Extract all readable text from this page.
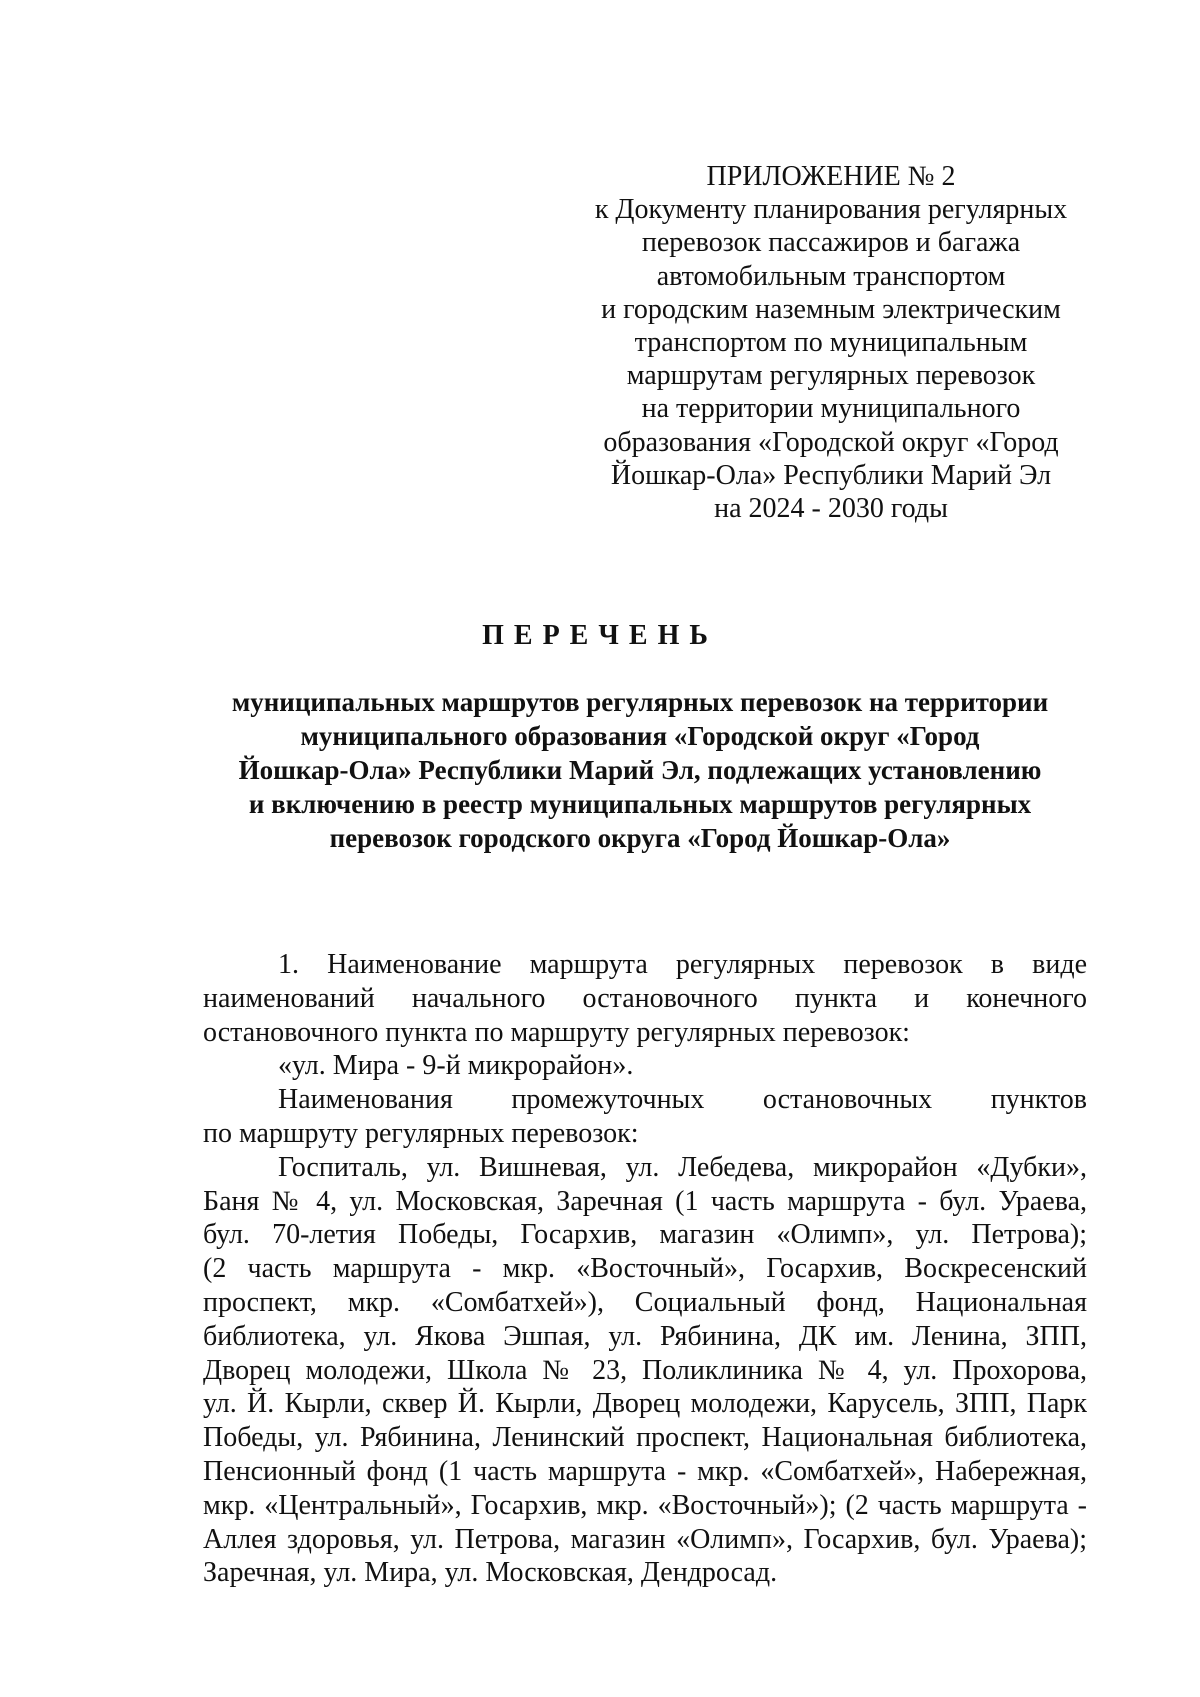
ПРИЛОЖЕНИЕ № 2
к Документу планирования регулярных
перевозок пассажиров и багажа
автомобильным транспортом
и городским наземным электрическим
транспортом по муниципальным
маршрутам регулярных перевозок
на территории муниципального
образования «Городской округ «Город
Йошкар-Ола» Республики Марий Эл
на 2024 - 2030 годы
ПЕРЕЧЕНЬ
муниципальных маршрутов регулярных перевозок на территории
муниципального образования «Городской округ «Город
Йошкар-Ола» Республики Марий Эл, подлежащих установлению
и включению в реестр муниципальных маршрутов регулярных
перевозок городского округа «Город Йошкар-Ола»
1. Наименование маршрута регулярных перевозок в виде
наименований начального остановочного пункта и конечного
остановочного пункта по маршруту регулярных перевозок:
«ул. Мира - 9-й микрорайон».
Наименования промежуточных остановочных пунктов
по маршруту регулярных перевозок:
Госпиталь, ул. Вишневая, ул. Лебедева, микрорайон «Дубки»,
Баня № 4, ул. Московская, Заречная (1 часть маршрута - бул. Ураева,
бул. 70-летия Победы, Госархив, магазин «Олимп», ул. Петрова);
(2 часть маршрута - мкр. «Восточный», Госархив, Воскресенский
проспект, мкр. «Сомбатхей»), Социальный фонд, Национальная
библиотека, ул. Якова Эшпая, ул. Рябинина, ДК им. Ленина, ЗПП,
Дворец молодежи, Школа № 23, Поликлиника № 4, ул. Прохорова,
ул. Й. Кырли, сквер Й. Кырли, Дворец молодежи, Карусель, ЗПП, Парк
Победы, ул. Рябинина, Ленинский проспект, Национальная библиотека,
Пенсионный фонд (1 часть маршрута - мкр. «Сомбатхей», Набережная,
мкр. «Центральный», Госархив, мкр. «Восточный»); (2 часть маршрута -
Аллея здоровья, ул. Петрова, магазин «Олимп», Госархив, бул. Ураева);
Заречная, ул. Мира, ул. Московская, Дендросад.
